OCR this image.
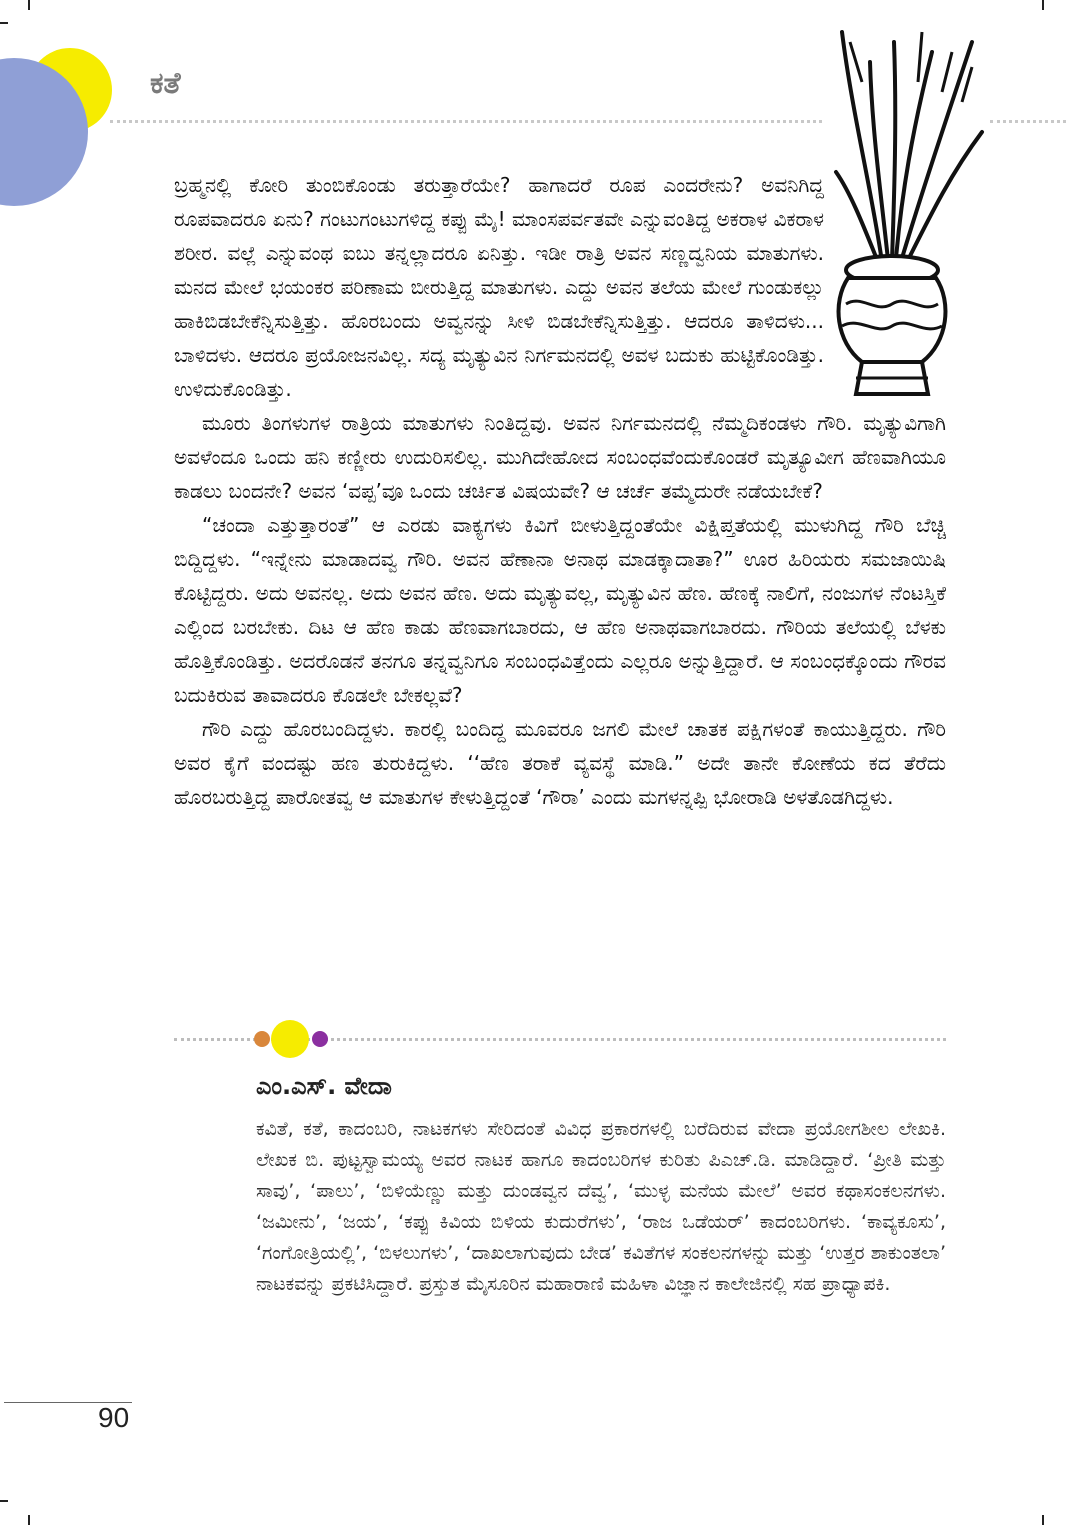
ಕತೆ

ಬ್ರಹ್ಮನಲ್ಲಿ ಕೋರಿ ತುಂಬಿಕೊಂಡು ತರುತ್ತಾರೆಯೇ? ಹಾಗಾದರೆ ರೂಪ ಎಂದರೇನು? ಅವನಿಗಿದ್ದ ರೂಪವಾದರೂ ಏನು? ಗಂಟುಗಂಟುಗಳಿದ್ದ ಕಪ್ಪು ಮೈ! ಮಾಂಸಪರ್ವತವೇ ಎನ್ನುವಂತಿದ್ದ ಅಕರಾಳ ವಿಕರಾಳ ಶರೀರ. ವಲ್ಲೆ ಎನ್ನುವಂಥ ಐಬು ತನ್ನಲ್ಲಾದರೂ ಏನಿತ್ತು. ಇಡೀ ರಾತ್ರಿ ಅವನ ಸಣ್ಣದ್ವನಿಯ ಮಾತುಗಳು. ಮನದ ಮೇಲೆ ಭಯಂಕರ ಪರಿಣಾಮ ಬೀರುತ್ತಿದ್ದ ಮಾತುಗಳು. ಎದ್ದು ಅವನ ತಲೆಯ ಮೇಲೆ ಗುಂಡುಕಲ್ಲು ಹಾಕಿಬಿಡಬೇಕೆನ್ನಿಸುತ್ತಿತ್ತು. ಹೊರಬಂದು ಅವ್ವನನ್ನು ಸೀಳಿ ಬಿಡಬೇಕೆನ್ನಿಸುತ್ತಿತ್ತು. ಆದರೂ ತಾಳಿದಳು... ಬಾಳಿದಳು. ಆದರೂ ಪ್ರಯೋಜನವಿಲ್ಲ. ಸದ್ಯ ಮೃತ್ಯುವಿನ ನಿರ್ಗಮನದಲ್ಲಿ ಅವಳ ಬದುಕು ಹುಟ್ಟಿಕೊಂಡಿತ್ತು. ಉಳಿದುಕೊಂಡಿತ್ತು.

ಮೂರು ತಿಂಗಳುಗಳ ರಾತ್ರಿಯ ಮಾತುಗಳು ನಿಂತಿದ್ದವು. ಅವನ ನಿರ್ಗಮನದಲ್ಲಿ ನೆಮ್ಮದಿಕಂಡಳು ಗೌರಿ. ಮೃತ್ಯುವಿಗಾಗಿ ಅವಳೆಂದೂ ಒಂದು ಹನಿ ಕಣ್ಣೀರು ಉದುರಿಸಲಿಲ್ಲ. ಮುಗಿದೇಹೋದ ಸಂಬಂಧವೆಂದುಕೊಂಡರೆ ಮೃತ್ಯೂವೀಗ ಹೆಣವಾಗಿಯೂ ಕಾಡಲು ಬಂದನೇ? ಅವನ ‘ವಪ್ಪ’ವೂ ಒಂದು ಚರ್ಚಿತ ವಿಷಯವೇ? ಆ ಚರ್ಚೆ ತಮ್ಮೆದುರೇ ನಡೆಯಬೇಕೆ?

“ಚಂದಾ ಎತ್ತುತ್ತಾರಂತೆ” ಆ ಎರಡು ವಾಕ್ಯಗಳು ಕಿವಿಗೆ ಬೀಳುತ್ತಿದ್ದಂತೆಯೇ ವಿಕ್ಷಿಪ್ತತೆಯಲ್ಲಿ ಮುಳುಗಿದ್ದ ಗೌರಿ ಬೆಚ್ಚಿ ಬಿದ್ದಿದ್ದಳು. “ಇನ್ನೇನು ಮಾಡಾದವ್ವ ಗೌರಿ. ಅವನ ಹೆಣಾನಾ ಅನಾಥ ಮಾಡಕ್ಕಾದಾತಾ?” ಊರ ಹಿರಿಯರು ಸಮಜಾಯಿಷಿ ಕೊಟ್ಟಿದ್ದರು. ಅದು ಅವನಲ್ಲ. ಅದು ಅವನ ಹೆಣ. ಅದು ಮೃತ್ಯುವಲ್ಲ, ಮೃತ್ಯುವಿನ ಹೆಣ. ಹೆಣಕ್ಕೆ ನಾಲಿಗೆ, ನಂಜುಗಳ ನೆಂಟಸ್ತಿಕೆ ಎಲ್ಲಿಂದ ಬರಬೇಕು. ದಿಟ ಆ ಹೆಣ ಕಾಡು ಹೆಣವಾಗಬಾರದು, ಆ ಹೆಣ ಅನಾಥವಾಗಬಾರದು. ಗೌರಿಯ ತಲೆಯಲ್ಲಿ ಬೆಳಕು ಹೊತ್ತಿಕೊಂಡಿತ್ತು. ಅದರೊಡನೆ ತನಗೂ ತನ್ನವ್ವನಿಗೂ ಸಂಬಂಧವಿತ್ತೆಂದು ಎಲ್ಲರೂ ಅನ್ನುತ್ತಿದ್ದಾರೆ. ಆ ಸಂಬಂಧಕ್ಕೊಂದು ಗೌರವ ಬದುಕಿರುವ ತಾವಾದರೂ ಕೊಡಲೇ ಬೇಕಲ್ಲವೆ?

ಗೌರಿ ಎದ್ದು ಹೊರಬಂದಿದ್ದಳು. ಕಾರಲ್ಲಿ ಬಂದಿದ್ದ ಮೂವರೂ ಜಗಲಿ ಮೇಲೆ ಚಾತಕ ಪಕ್ಷಿಗಳಂತೆ ಕಾಯುತ್ತಿದ್ದರು. ಗೌರಿ ಅವರ ಕೈಗೆ ವಂದಷ್ಟು ಹಣ ತುರುಕಿದ್ದಳು. ‘‘ಹೆಣ ತರಾಕೆ ವ್ಯವಸ್ಥೆ ಮಾಡಿ.” ಅದೇ ತಾನೇ ಕೋಣೆಯ ಕದ ತೆರೆದು ಹೊರಬರುತ್ತಿದ್ದ ಪಾರೋತವ್ವ ಆ ಮಾತುಗಳ ಕೇಳುತ್ತಿದ್ದಂತೆ ‘ಗೌರಾ’ ಎಂದು ಮಗಳನ್ನಪ್ಪಿ ಭೋರಾಡಿ ಅಳತೊಡಗಿದ್ದಳು.

ಎಂ.ಎಸ್. ವೇದಾ

ಕವಿತೆ, ಕತೆ, ಕಾದಂಬರಿ, ನಾಟಕಗಳು ಸೇರಿದಂತೆ ವಿವಿಧ ಪ್ರಕಾರಗಳಲ್ಲಿ ಬರೆದಿರುವ ವೇದಾ ಪ್ರಯೋಗಶೀಲ ಲೇಖಕಿ. ಲೇಖಕ ಬಿ. ಪುಟ್ಟಸ್ವಾಮಯ್ಯ ಅವರ ನಾಟಕ ಹಾಗೂ ಕಾದಂಬರಿಗಳ ಕುರಿತು ಪಿಎಚ್.ಡಿ. ಮಾಡಿದ್ದಾರೆ. ‘ಪ್ರೀತಿ ಮತ್ತು ಸಾವು’, ‘ಪಾಲು’, ‘ಬಿಳಿಯೆಣ್ಣು ಮತ್ತು ದುಂಡವ್ವನ ದೆವ್ವ’, ‘ಮುಳ್ಳ ಮನೆಯ ಮೇಲೆ’ ಅವರ ಕಥಾಸಂಕಲನಗಳು. ‘ಜಮೀನು’, ‘ಜಯ’, ‘ಕಪ್ಪು ಕಿವಿಯ ಬಿಳಿಯ ಕುದುರೆಗಳು’, ‘ರಾಜ ಒಡೆಯರ್’ ಕಾದಂಬರಿಗಳು. ‘ಕಾವ್ಯಕೂಸು’, ‘ಗಂಗೋತ್ರಿಯಲ್ಲಿ’, ‘ಬಿಳಲುಗಳು’, ‘ದಾಖಲಾಗುವುದು ಬೇಡ’ ಕವಿತೆಗಳ ಸಂಕಲನಗಳನ್ನು ಮತ್ತು ‘ಉತ್ತರ ಶಾಕುಂತಲಾ’ ನಾಟಕವನ್ನು ಪ್ರಕಟಿಸಿದ್ದಾರೆ. ಪ್ರಸ್ತುತ ಮೈಸೂರಿನ ಮಹಾರಾಣಿ ಮಹಿಳಾ ವಿಜ್ಞಾನ ಕಾಲೇಜಿನಲ್ಲಿ ಸಹ ಪ್ರಾಧ್ಯಾಪಕಿ.

90
